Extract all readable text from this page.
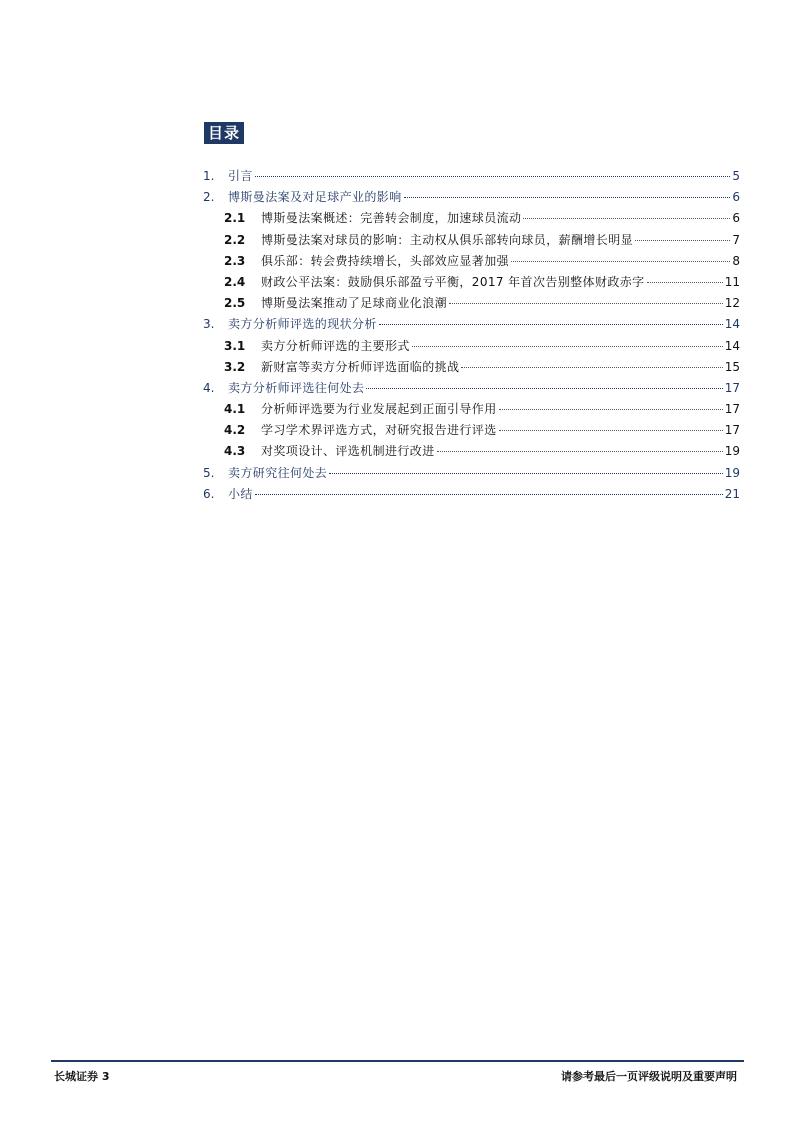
目录
1.	引言	5
2.	博斯曼法案及对足球产业的影响	6
2.1	博斯曼法案概述：完善转会制度，加速球员流动	6
2.2	博斯曼法案对球员的影响：主动权从俱乐部转向球员，薪酬增长明显	7
2.3	俱乐部：转会费持续增长，头部效应显著加强	8
2.4	财政公平法案：鼓励俱乐部盈亏平衡，2017 年首次告别整体财政赤字	11
2.5	博斯曼法案推动了足球商业化浪潮	12
3.	卖方分析师评选的现状分析	14
3.1	卖方分析师评选的主要形式	14
3.2	新财富等卖方分析师评选面临的挑战	15
4.	卖方分析师评选往何处去	17
4.1	分析师评选要为行业发展起到正面引导作用	17
4.2	学习学术界评选方式，对研究报告进行评选	17
4.3	对奖项设计、评选机制进行改进	19
5.	卖方研究往何处去	19
6.	小结	21
长城证券 3	请参考最后一页评级说明及重要声明
